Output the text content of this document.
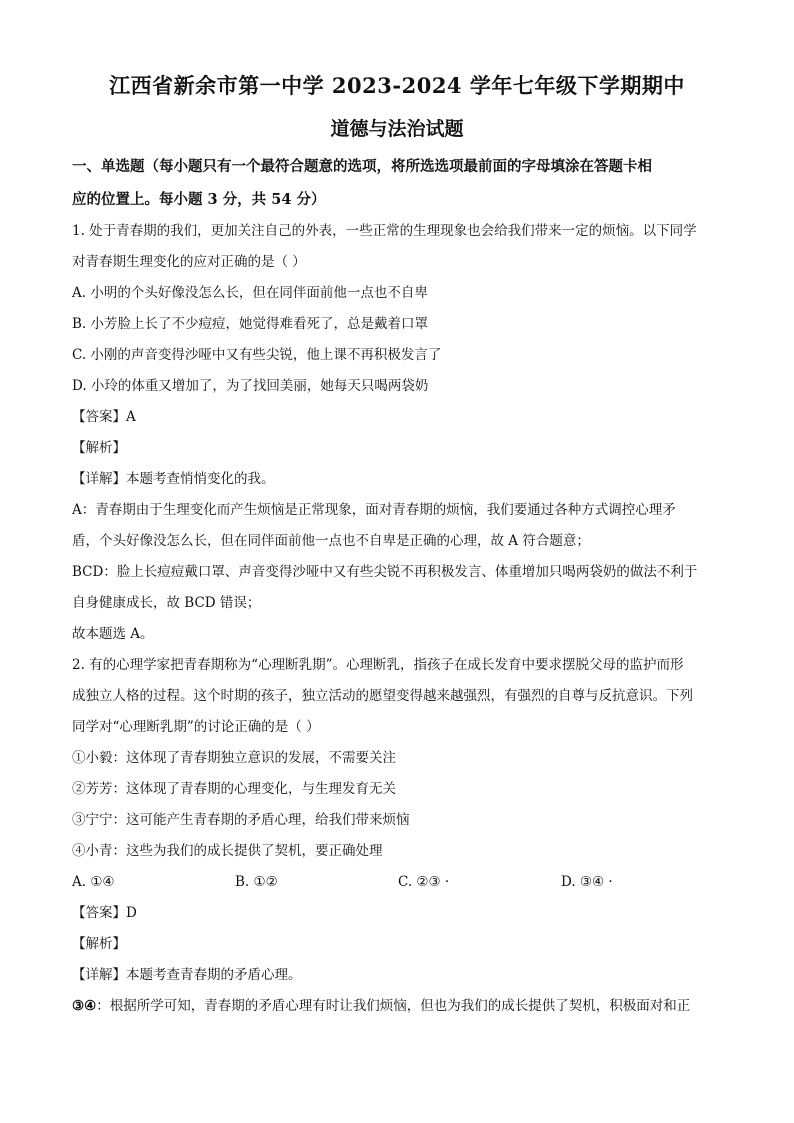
江西省新余市第一中学 2023-2024 学年七年级下学期期中
道德与法治试题
一、单选题（每小题只有一个最符合题意的选项，将所选选项最前面的字母填涂在答题卡相
应的位置上。每小题 3 分，共 54 分）
1. 处于青春期的我们，更加关注自己的外表，一些正常的生理现象也会给我们带来一定的烦恼。以下同学
对青春期生理变化的应对正确的是（ ）
A. 小明的个头好像没怎么长，但在同伴面前他一点也不自卑
B. 小芳脸上长了不少痘痘，她觉得难看死了，总是戴着口罩
C. 小刚的声音变得沙哑中又有些尖锐，他上课不再积极发言了
D. 小玲的体重又增加了，为了找回美丽，她每天只喝两袋奶
【答案】A
【解析】
【详解】本题考查悄悄变化的我。
A：青春期由于生理变化而产生烦恼是正常现象，面对青春期的烦恼，我们要通过各种方式调控心理矛
盾，个头好像没怎么长，但在同伴面前他一点也不自卑是正确的心理，故 A 符合题意；
BCD：脸上长痘痘戴口罩、声音变得沙哑中又有些尖锐不再积极发言、体重增加只喝两袋奶的做法不利于
自身健康成长，故 BCD 错误；
故本题选 A。
2. 有的心理学家把青春期称为“心理断乳期”。心理断乳，指孩子在成长发育中要求摆脱父母的监护而形
成独立人格的过程。这个时期的孩子，独立活动的愿望变得越来越强烈，有强烈的自尊与反抗意识。下列
同学对“心理断乳期”的讨论正确的是（ ）
①小毅：这体现了青春期独立意识的发展，不需要关注
②芳芳：这体现了青春期的心理变化，与生理发育无关
③宁宁：这可能产生青春期的矛盾心理，给我们带来烦恼
④小青：这些为我们的成长提供了契机，要正确处理
A. ①④	B. ①②	C. ②③ ·	D. ③④ ·
【答案】D
【解析】
【详解】本题考查青春期的矛盾心理。
③④：根据所学可知，青春期的矛盾心理有时让我们烦恼，但也为我们的成长提供了契机，积极面对和正
